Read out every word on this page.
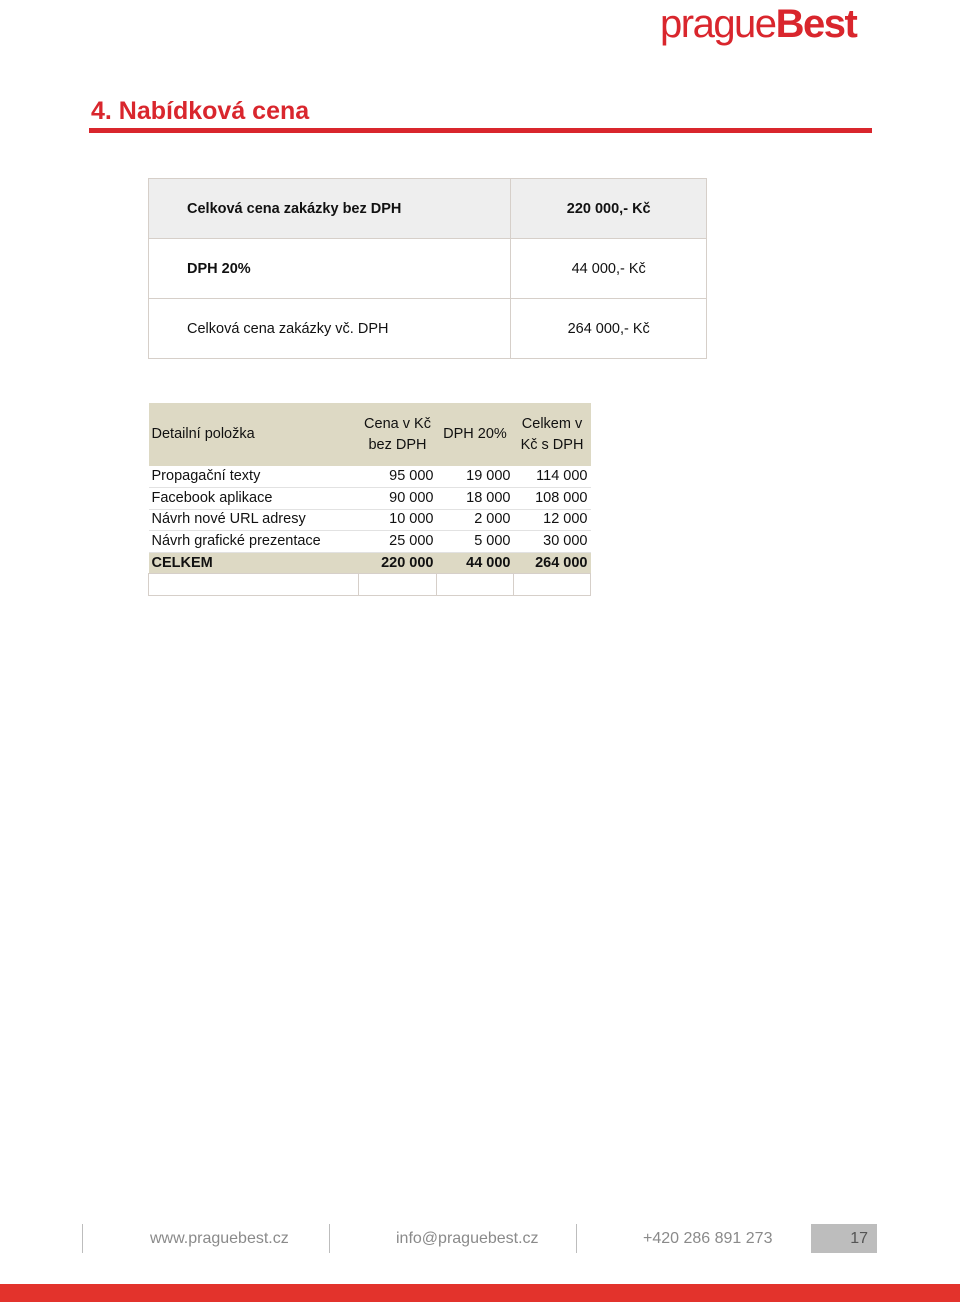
pragueBest
4. Nabídková cena
Celková cena zakázky bez DPH	220 000,- Kč
DPH 20%	44 000,- Kč
Celková cena zakázky vč. DPH	264 000,- Kč
Detailní položka	Cena v Kč bez DPH	DPH 20%	Celkem v Kč s DPH
Propagační texty	95 000	19 000	114 000
Facebook aplikace	90 000	18 000	108 000
Návrh nové URL adresy	10 000	2 000	12 000
Návrh grafické prezentace	25 000	5 000	30 000
CELKEM	220 000	44 000	264 000

www.praguebest.cz	info@praguebest.cz	+420 286 891 273	17
